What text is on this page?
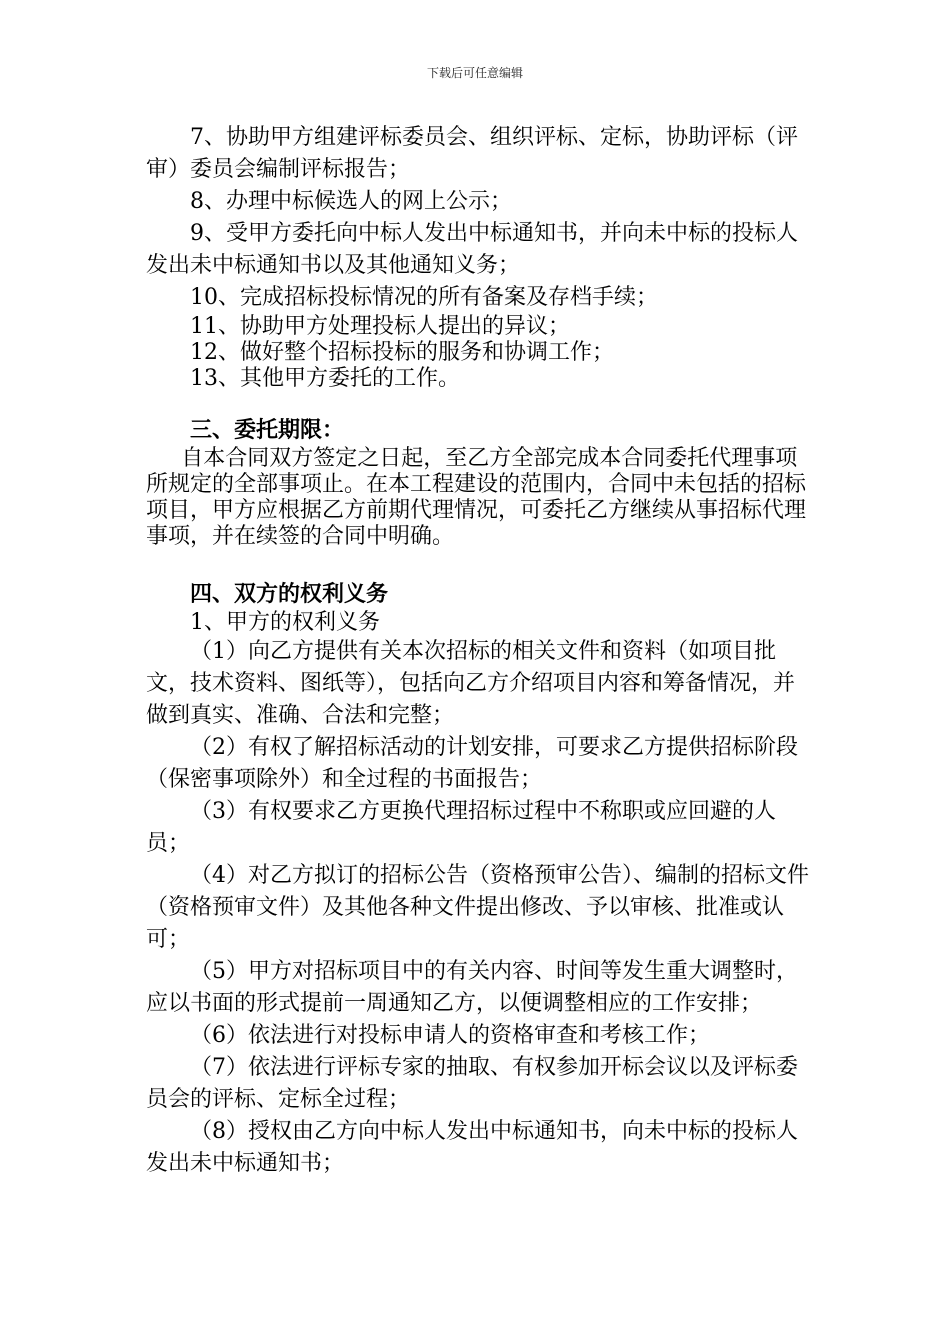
下载后可任意编辑

7、协助甲方组建评标委员会、组织评标、定标，协助评标（评审）委员会编制评标报告；

8、办理中标候选人的网上公示；

9、受甲方委托向中标人发出中标通知书，并向未中标的投标人发出未中标通知书以及其他通知义务；

10、完成招标投标情况的所有备案及存档手续；

11、协助甲方处理投标人提出的异议；

12、做好整个招标投标的服务和协调工作；

13、其他甲方委托的工作。

三、委托期限：

自本合同双方签定之日起，至乙方全部完成本合同委托代理事项所规定的全部事项止。在本工程建设的范围内，合同中未包括的招标项目，甲方应根据乙方前期代理情况，可委托乙方继续从事招标代理事项，并在续签的合同中明确。

四、双方的权利义务

1、甲方的权利义务

（1）向乙方提供有关本次招标的相关文件和资料（如项目批文，技术资料、图纸等），包括向乙方介绍项目内容和筹备情况，并做到真实、准确、合法和完整；

（2）有权了解招标活动的计划安排，可要求乙方提供招标阶段（保密事项除外）和全过程的书面报告；

（3）有权要求乙方更换代理招标过程中不称职或应回避的人员；

（4）对乙方拟订的招标公告（资格预审公告）、编制的招标文件（资格预审文件）及其他各种文件提出修改、予以审核、批准或认可；

（5）甲方对招标项目中的有关内容、时间等发生重大调整时，应以书面的形式提前一周通知乙方，以便调整相应的工作安排；

（6）依法进行对投标申请人的资格审查和考核工作；

（7）依法进行评标专家的抽取、有权参加开标会议以及评标委员会的评标、定标全过程；

（8）授权由乙方向中标人发出中标通知书，向未中标的投标人发出未中标通知书；
